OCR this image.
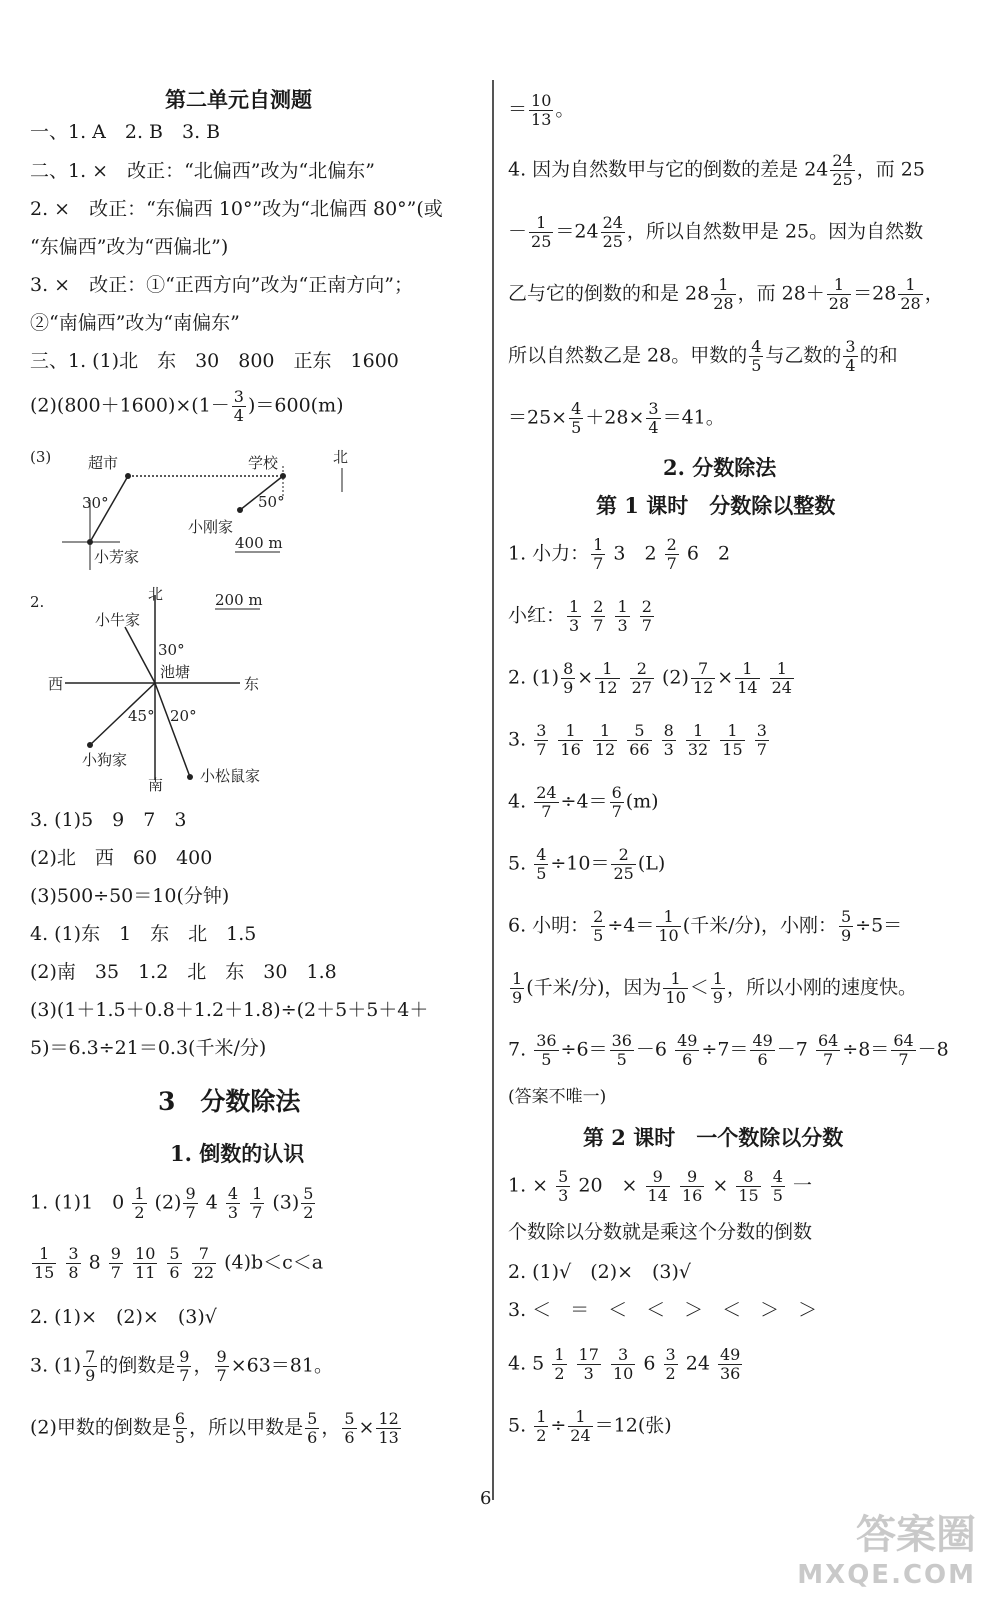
第二单元自测题
一、1. A　2. B　3. B
二、1. ×　改正：“北偏西”改为“北偏东”
2. ×　改正：“东偏西 10°”改为“北偏西 80°”(或
“东偏西”改为“西偏北”)
3. ×　改正：①“正西方向”改为“正南方向”；
②“南偏西”改为“南偏东”
三、1. (1)北　东　30　800　正东　1600
$(2)(800+1600)\times(1- \frac{3}{4} )=600(m)$
(3) 超市	学校
50°
小刚家
30°
小芳家
北
400 m
2.	北
南
西	东
池塘
小牛家
30°
小狗家
45°
小松鼠家
20°
200 m
3. (1)5　9　7　3
(2)北　西　60　400
(3)500÷50＝10(分钟)
4. (1)东　1　东　北　1.5
(2)南　35　1.2　北　东　30　1.8
(3)(1＋1.5＋0.8＋1.2＋1.8)÷(2＋5＋5＋4＋
5)＝6.3÷21＝0.3(千米/分)
3　分数除法
1. 倒数的认识
1. (1)1　$0 \frac{1}{2} (2) \frac{9}{7} 4 \frac{4}{3}$
$\frac{1}{7} (3) \frac{5}{2}$
$\frac{1}{15}$
$\frac{3}{8} 8 \frac{9}{7}$
$\frac{10}{11}$
$\frac{5}{6}$
$\frac{7}{22} (4)b<c<a$
2. (1)×　(2)×　(3)√
3. $(1) \frac{7}{9}$ 的倒数是 $\frac{9}{7}$ ， $\frac{9}{7} \times 63=81$。
(2)甲数的倒数是 $\frac{6}{5}$ ，所以甲数是 $\frac{5}{6}$ ， $\frac{5}{6} \times \frac{12}{13}$
＝ $\frac{10}{13}$ 。
4. 因为自然数甲与它的倒数的差是 $24 \frac{24}{25}$ ，而 25
－ $\frac{1}{25} =24 \frac{24}{25}$ ，所以自然数甲是 25。因为自然数
乙与它的倒数的和是 $28 \frac{1}{28}$ ，而 $28+ \frac{1}{28} =28 \frac{1}{28}$ ，
所以自然数乙是 28。甲数的 $\frac{4}{5}$ 与乙数的 $\frac{3}{4}$ 的和
$=25\times \frac{4}{5} +28\times \frac{3}{4} =41$。
2. 分数除法
第 1 课时　分数除以整数
1. 小力： $\frac{1}{7} 3$　$2 \frac{2}{7} 6$　2
小红： $\frac{1}{3}$
$\frac{2}{7}$
$\frac{1}{3}$
$\frac{2}{7}$
2. $(1) \frac{8}{9} \times \frac{1}{12}$
$\frac{2}{27} (2) \frac{7}{12} \times \frac{1}{14}$
$\frac{1}{24}$
3. $\frac{3}{7}$
$\frac{1}{16}$
$\frac{1}{12}$
$\frac{5}{66}$
$\frac{8}{3}$
$\frac{1}{32}$
$\frac{1}{15}$
$\frac{3}{7}$
4. $\frac{24}{7} \div 4= \frac{6}{7} (m)$
5. $\frac{4}{5} \div 10= \frac{2}{25} (L)$
6. 小明： $\frac{2}{5} \div 4= \frac{1}{10}$ (千米/分)，小刚： $\frac{5}{9} \div 5=$
$\frac{1}{9}$ (千米/分)，因为 $\frac{1}{10} < \frac{1}{9}$ ，所以小刚的速度快。
7. $\frac{36}{5} \div 6= \frac{36}{5} -6 \frac{49}{6} \div 7= \frac{49}{6} -7 \frac{64}{7} \div 8= \frac{64}{7} -8$
(答案不唯一)
第 2 课时　一个数除以分数
1. × $\frac{5}{3} 20$　× $\frac{9}{14}$
$\frac{9}{16} \times \frac{8}{15}$
$\frac{4}{5}$ 一
个数除以分数就是乘这个分数的倒数
2. (1)√　(2)×　(3)√
3. ＜　＝　＜　＜　＞　＜　＞　＞
4. $5 \frac{1}{2}$
$\frac{17}{3}$
$\frac{3}{10} 6 \frac{3}{2} 24 \frac{49}{36}$
5. $\frac{1}{2} \div \frac{1}{24} =12$(张)
6
答案圈
MXQE.COM
